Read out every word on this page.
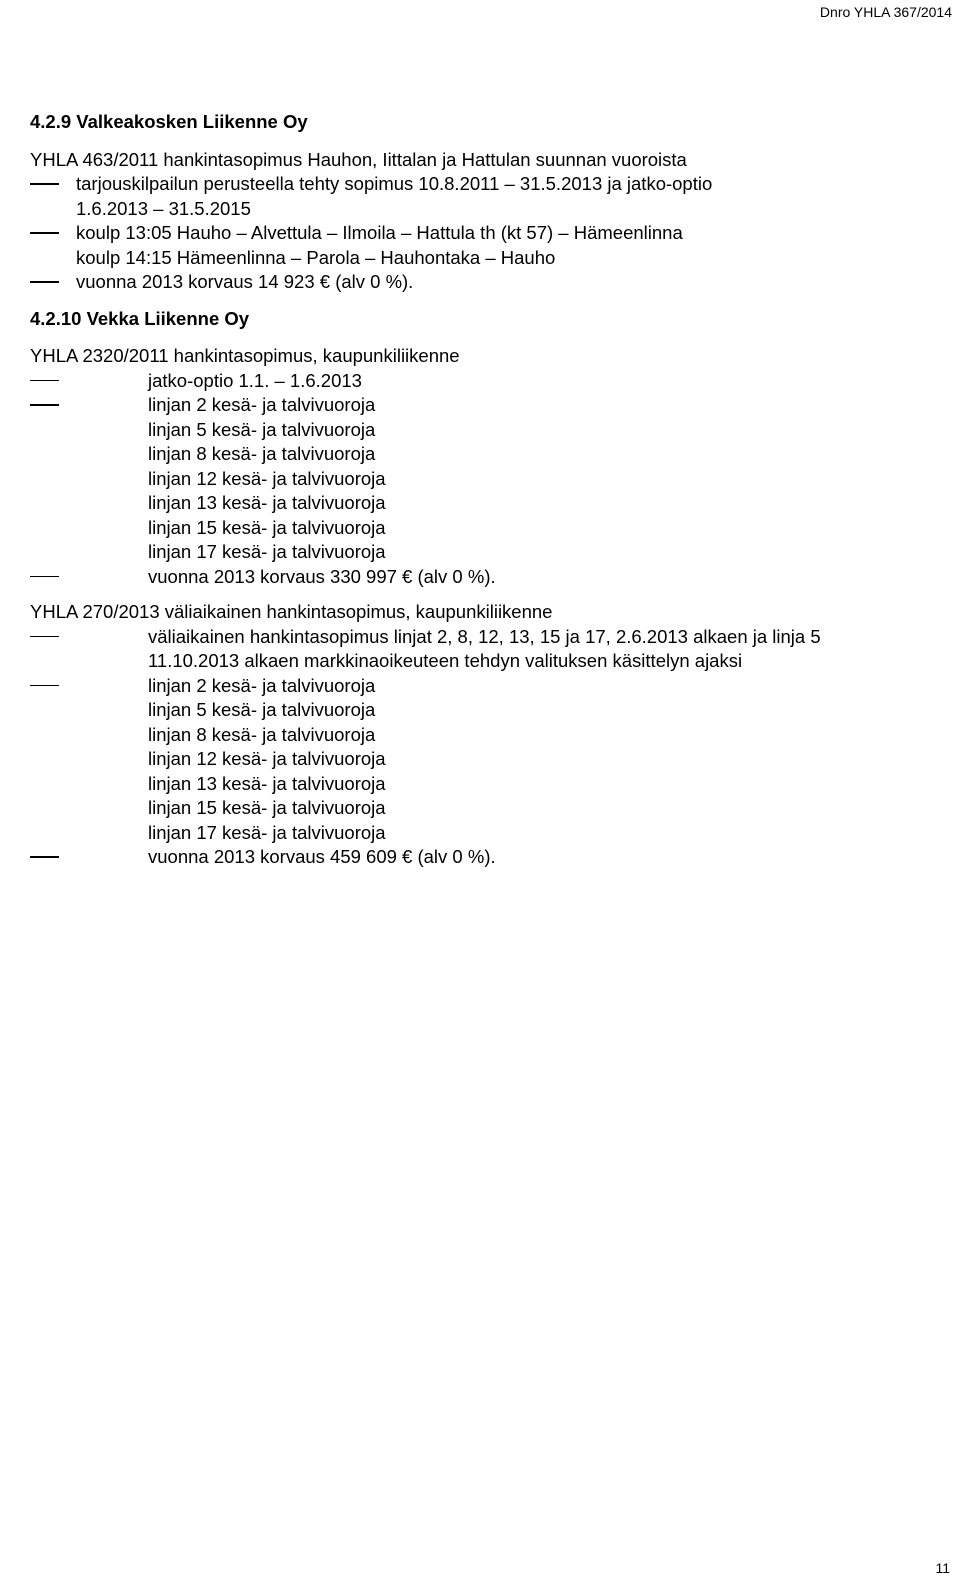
Dnro YHLA 367/2014
4.2.9 Valkeakosken Liikenne Oy
YHLA 463/2011 hankintasopimus Hauhon, Iittalan ja Hattulan suunnan vuoroista
tarjouskilpailun perusteella tehty sopimus 10.8.2011 – 31.5.2013 ja jatko-optio
1.6.2013 – 31.5.2015
koulp 13:05 Hauho – Alvettula – Ilmoila – Hattula th (kt 57) – Hämeenlinna
koulp 14:15 Hämeenlinna – Parola – Hauhontaka – Hauho
vuonna 2013 korvaus 14 923 € (alv 0 %).
4.2.10 Vekka Liikenne Oy
YHLA 2320/2011 hankintasopimus, kaupunkiliikenne
jatko-optio 1.1. – 1.6.2013
linjan 2 kesä- ja talvivuoroja
linjan 5 kesä- ja talvivuoroja
linjan 8 kesä- ja talvivuoroja
linjan 12 kesä- ja talvivuoroja
linjan 13 kesä- ja talvivuoroja
linjan 15 kesä- ja talvivuoroja
linjan 17 kesä- ja talvivuoroja
vuonna 2013 korvaus 330 997 € (alv 0 %).
YHLA 270/2013 väliaikainen hankintasopimus, kaupunkiliikenne
väliaikainen hankintasopimus linjat 2, 8, 12, 13, 15 ja 17, 2.6.2013 alkaen ja linja 5
11.10.2013 alkaen markkinaoikeuteen tehdyn valituksen käsittelyn ajaksi
linjan 2 kesä- ja talvivuoroja
linjan 5 kesä- ja talvivuoroja
linjan 8 kesä- ja talvivuoroja
linjan 12 kesä- ja talvivuoroja
linjan 13 kesä- ja talvivuoroja
linjan 15 kesä- ja talvivuoroja
linjan 17 kesä- ja talvivuoroja
vuonna 2013 korvaus 459 609 € (alv 0 %).
11
